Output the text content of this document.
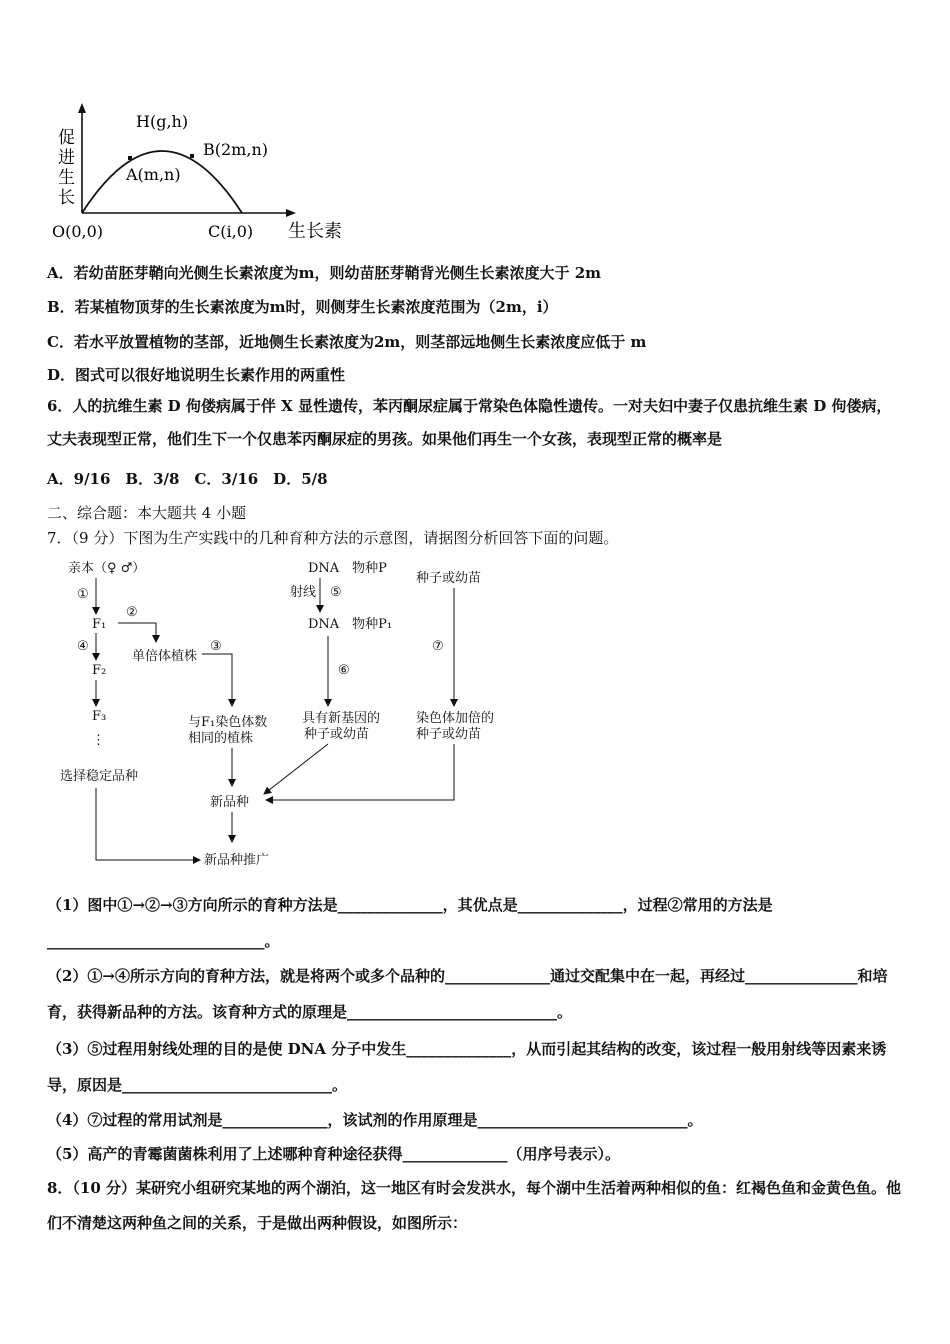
促
进
生
长
H(g,h)
B(2m,n)
A(m,n)
O(0,0)	C(i,0) 生长素
A．若幼苗胚芽鞘向光侧生长素浓度为m，则幼苗胚芽鞘背光侧生长素浓度大于 2m
B．若某植物顶芽的生长素浓度为m时，则侧芽生长素浓度范围为（2m，i）
C．若水平放置植物的茎部，近地侧生长素浓度为2m，则茎部远地侧生长素浓度应低于 m
D．图式可以很好地说明生长素作用的两重性
6．人的抗维生素 D 佝偻病属于伴 X 显性遗传，苯丙酮尿症属于常染色体隐性遗传。一对夫妇中妻子仅患抗维生素 D 佝偻病，丈夫表现型正常，他们生下一个仅患苯丙酮尿症的男孩。如果他们再生一个女孩，表现型正常的概率是
A．9/16　B．3/8　C．3/16　D．5/8
二、综合题：本大题共 4 小题
7．（9 分）下图为生产实践中的几种育种方法的示意图，请据图分析回答下面的问题。
亲本（♀ ♂）
①
F₁
④
F₂
F₃
⋮
选择稳定品种
②
单倍体植株
③
与F₁染色体数
相同的植株
DNA　物种P
射线 ⑤
DNA　物种P₁
⑥
具有新基因的
种子或幼苗
种子或幼苗
⑦
染色体加倍的
种子或幼苗
新品种
新品种推广
（1）图中①→②→③方向所示的育种方法是______________，其优点是______________，过程②常用的方法是_____________________________。
（2）①→④所示方向的育种方法，就是将两个或多个品种的______________通过交配集中在一起，再经过_______________和培育，获得新品种的方法。该育种方式的原理是____________________________。
（3）⑤过程用射线处理的目的是使 DNA 分子中发生______________，从而引起其结构的改变，该过程一般用射线等因素来诱导，原因是____________________________。
（4）⑦过程的常用试剂是______________，该试剂的作用原理是____________________________。
（5）高产的青霉菌菌株利用了上述哪种育种途径获得______________（用序号表示）。
8．（10 分）某研究小组研究某地的两个湖泊，这一地区有时会发洪水，每个湖中生活着两种相似的鱼：红褐色鱼和金黄色鱼。他们不清楚这两种鱼之间的关系，于是做出两种假设，如图所示：
